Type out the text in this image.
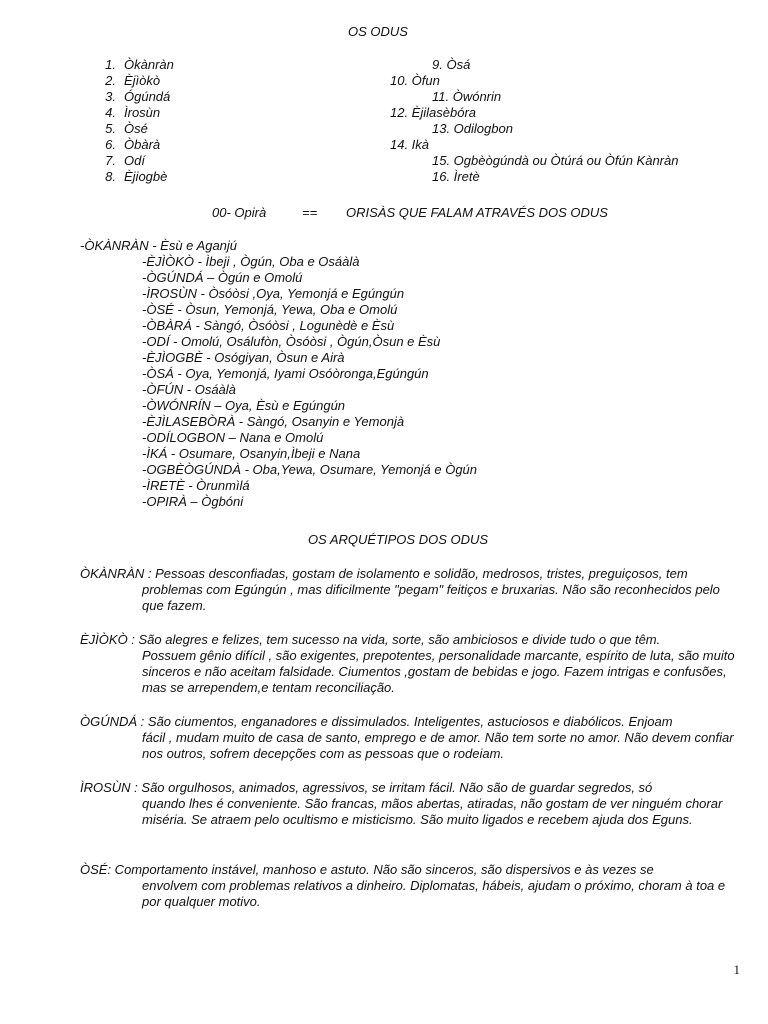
OS ODUS
1. Òkànràn
2. Èjìòkò
3. Ógúndá
4. Ìrosùn
5. Òsé
6. Òbàrà
7. Odí
8. Èjiogbè
9. Òsá
10. Òfun
11. Òwónrin
12. Èjilasèbóra
13. Odilogbon
14. Ikà
15. Ogbèògúndà ou Òtúrá ou Òfún Kànràn
16. Ìretè
00- Opirà	== ORISÀS QUE FALAM ATRAVÉS DOS ODUS
-ÒKÀNRÀN - Èsù e Aganjú
-ÈJÌÒKÒ - Ìbeji , Ògún, Oba e Osáàlà
-ÒGÚNDÁ – Ògún e Omolú
-ÌROSÙN - Òsóòsi ,Oya, Yemonjá e Egúngún
-ÒSÉ - Òsun, Yemonjá, Yewa, Oba e Omolú
-ÒBÀRÁ - Sàngó, Òsóòsi , Logunèdè e Èsù
-ODÍ - Omolú, Osálufòn, Òsóòsi , Ògún,Òsun e Èsù
-ÈJÌOGBÈ - Osógiyan, Òsun e Airà
-ÒSÁ - Oya, Yemonjá, Iyami Osóòronga,Egúngún
-ÒFÚN - Osáàlà
-ÒWÓNRÍN – Oya, Èsù e Egúngún
-ÈJÌLASEBÒRÀ - Sàngó, Osanyin e Yemonjà
-ODÍLOGBON – Nana e Omolú
-ÌKÁ - Osumare, Osanyin,Ìbeji e Nana
-OGBÈÒGÚNDÀ - Oba,Yewa, Osumare, Yemonjá e Ògún
-ÌRETÈ - Òrunmìlá
-OPIRÀ – Ògbóni
OS ARQUÉTIPOS DOS ODUS
ÒKÀNRÀN : Pessoas desconfiadas, gostam de isolamento e solidão, medrosos, tristes, preguiçosos, tem
problemas com Egúngún , mas dificilmente "pegam" feitiços e bruxarias. Não são reconhecidos pelo que fazem.
ÈJÌÒKÒ : São alegres e felizes, tem sucesso na vida, sorte, são ambiciosos e divide tudo o que têm.
Possuem gênio difícil , são exigentes, prepotentes, personalidade marcante, espírito de luta, são muito sinceros e não aceitam falsidade. Ciumentos ,gostam de bebidas e jogo. Fazem intrigas e confusões, mas se arrependem,e tentam reconciliação.
ÒGÚNDÁ : São ciumentos, enganadores e dissimulados. Inteligentes, astuciosos e diabólicos. Enjoam
fácil , mudam muito de casa de santo, emprego e de amor. Não tem sorte no amor. Não devem confiar nos outros, sofrem decepções com as pessoas que o rodeiam.
ÌROSÙN : São orgulhosos, animados, agressivos, se irritam fácil. Não são de guardar segredos, só
quando lhes é conveniente. São francas, mãos abertas, atiradas, não gostam de ver ninguém chorar miséria. Se atraem pelo ocultismo e misticismo. São muito ligados e recebem ajuda dos Eguns.
ÒSÉ: Comportamento instável, manhoso e astuto. Não são sinceros, são dispersivos e às vezes se
envolvem com problemas relativos a dinheiro. Diplomatas, hábeis, ajudam o próximo, choram à toa e por qualquer motivo.
1
